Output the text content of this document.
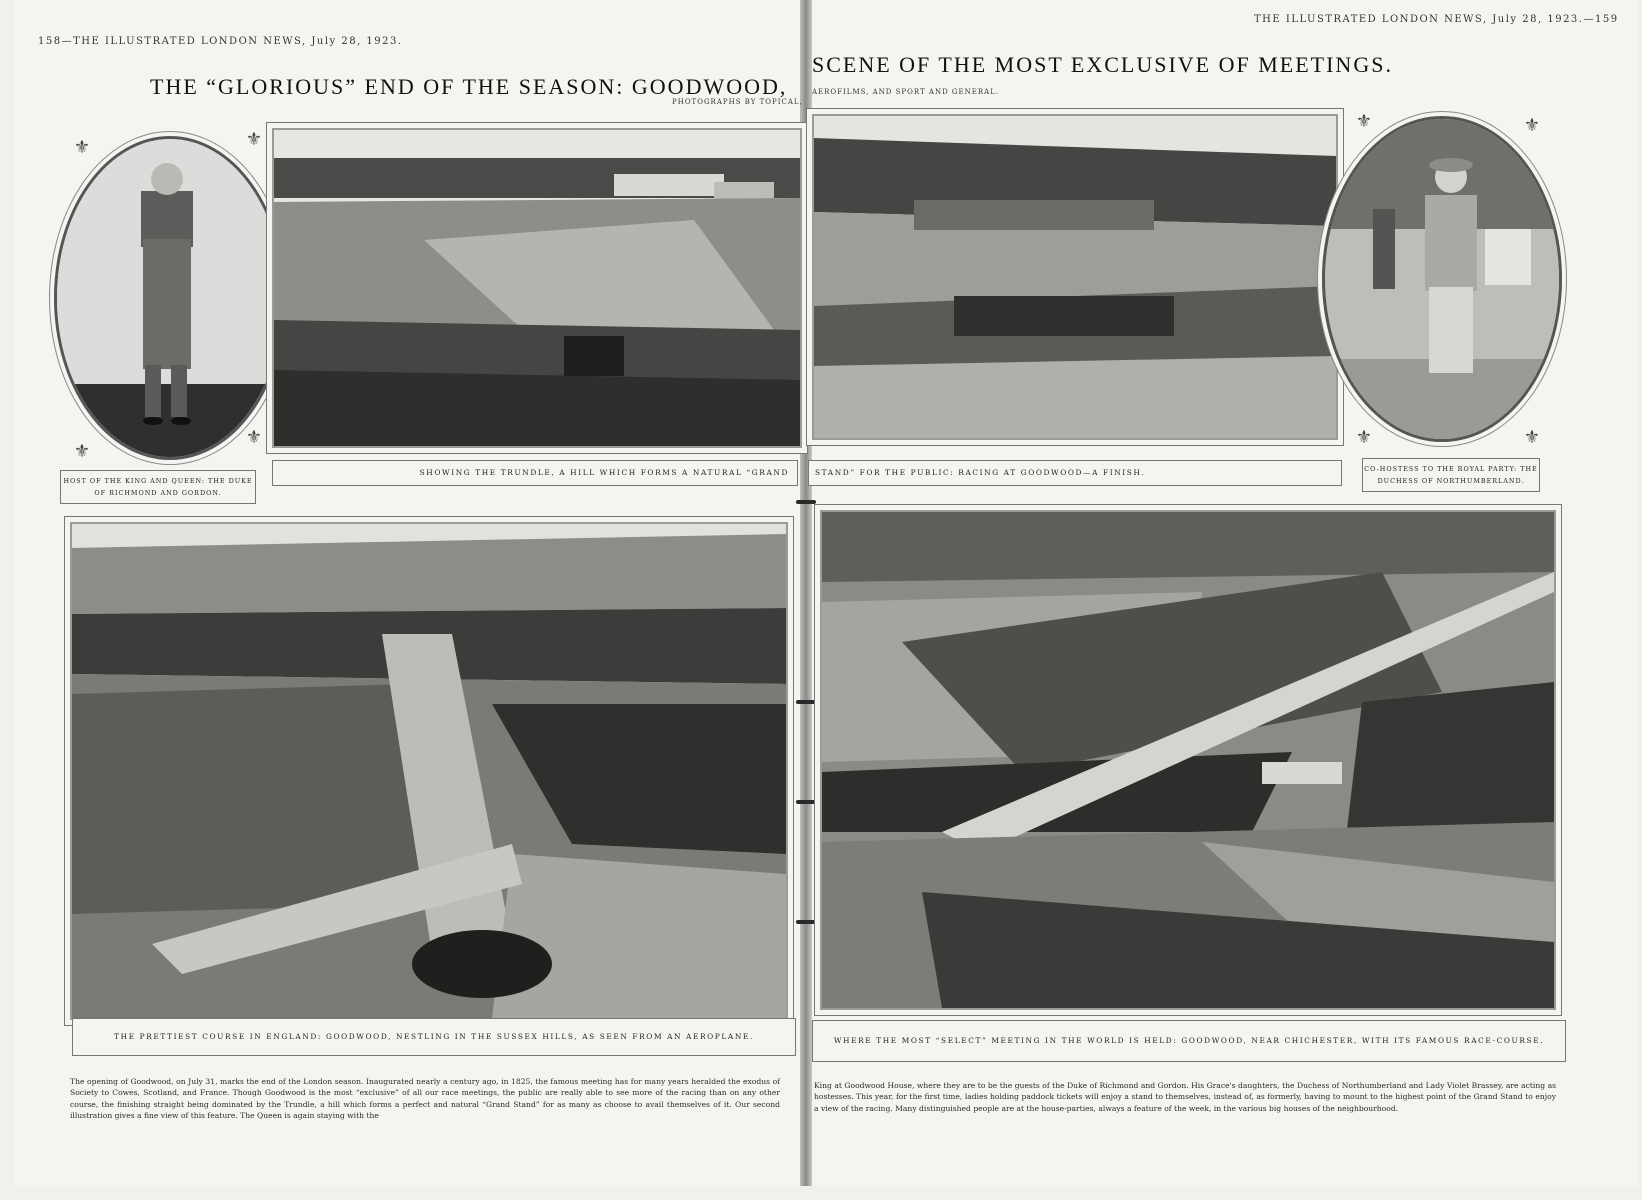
158—THE ILLUSTRATED LONDON NEWS, July 28, 1923.
THE ILLUSTRATED LONDON NEWS, July 28, 1923.—159
THE “GLORIOUS” END OF THE SEASON: GOODWOOD,
SCENE OF THE MOST EXCLUSIVE OF MEETINGS.
PHOTOGRAPHS BY TOPICAL,
AEROFILMS, AND SPORT AND GENERAL.
⚜	⚜
⚜
⚜
⚜	⚜
⚜	⚜
HOST OF THE KING AND QUEEN: THE DUKE OF RICHMOND AND GORDON.
SHOWING THE TRUNDLE, A HILL WHICH FORMS A NATURAL “GRAND	STAND” FOR THE PUBLIC: RACING AT GOODWOOD—A FINISH.	CO-HOSTESS TO THE ROYAL PARTY: THE DUCHESS OF NORTHUMBERLAND.
THE PRETTIEST COURSE IN ENGLAND: GOODWOOD, NESTLING IN THE SUSSEX HILLS, AS SEEN FROM AN AEROPLANE.	WHERE THE MOST “SELECT” MEETING IN THE WORLD IS HELD: GOODWOOD, NEAR CHICHESTER, WITH ITS FAMOUS RACE-COURSE.
The opening of Goodwood, on July 31, marks the end of the London season. Inaugurated nearly a century ago, in 1825, the famous meeting has for many years heralded the exodus of Society to Cowes, Scotland, and France. Though Goodwood is the most “exclusive” of all our race meetings, the public are really able to see more of the racing than on any other course, the finishing straight being dominated by the Trundle, a hill which forms a perfect and natural “Grand Stand” for as many as choose to avail themselves of it. Our second illustration gives a fine view of this feature. The Queen is again staying with the
King at Goodwood House, where they are to be the guests of the Duke of Richmond and Gordon. His Grace's daughters, the Duchess of Northumberland and Lady Violet Brassey, are acting as hostesses. This year, for the first time, ladies holding paddock tickets will enjoy a stand to themselves, instead of, as formerly, having to mount to the highest point of the Grand Stand to enjoy a view of the racing. Many distinguished people are at the house-parties, always a feature of the week, in the various big houses of the neighbourhood.
